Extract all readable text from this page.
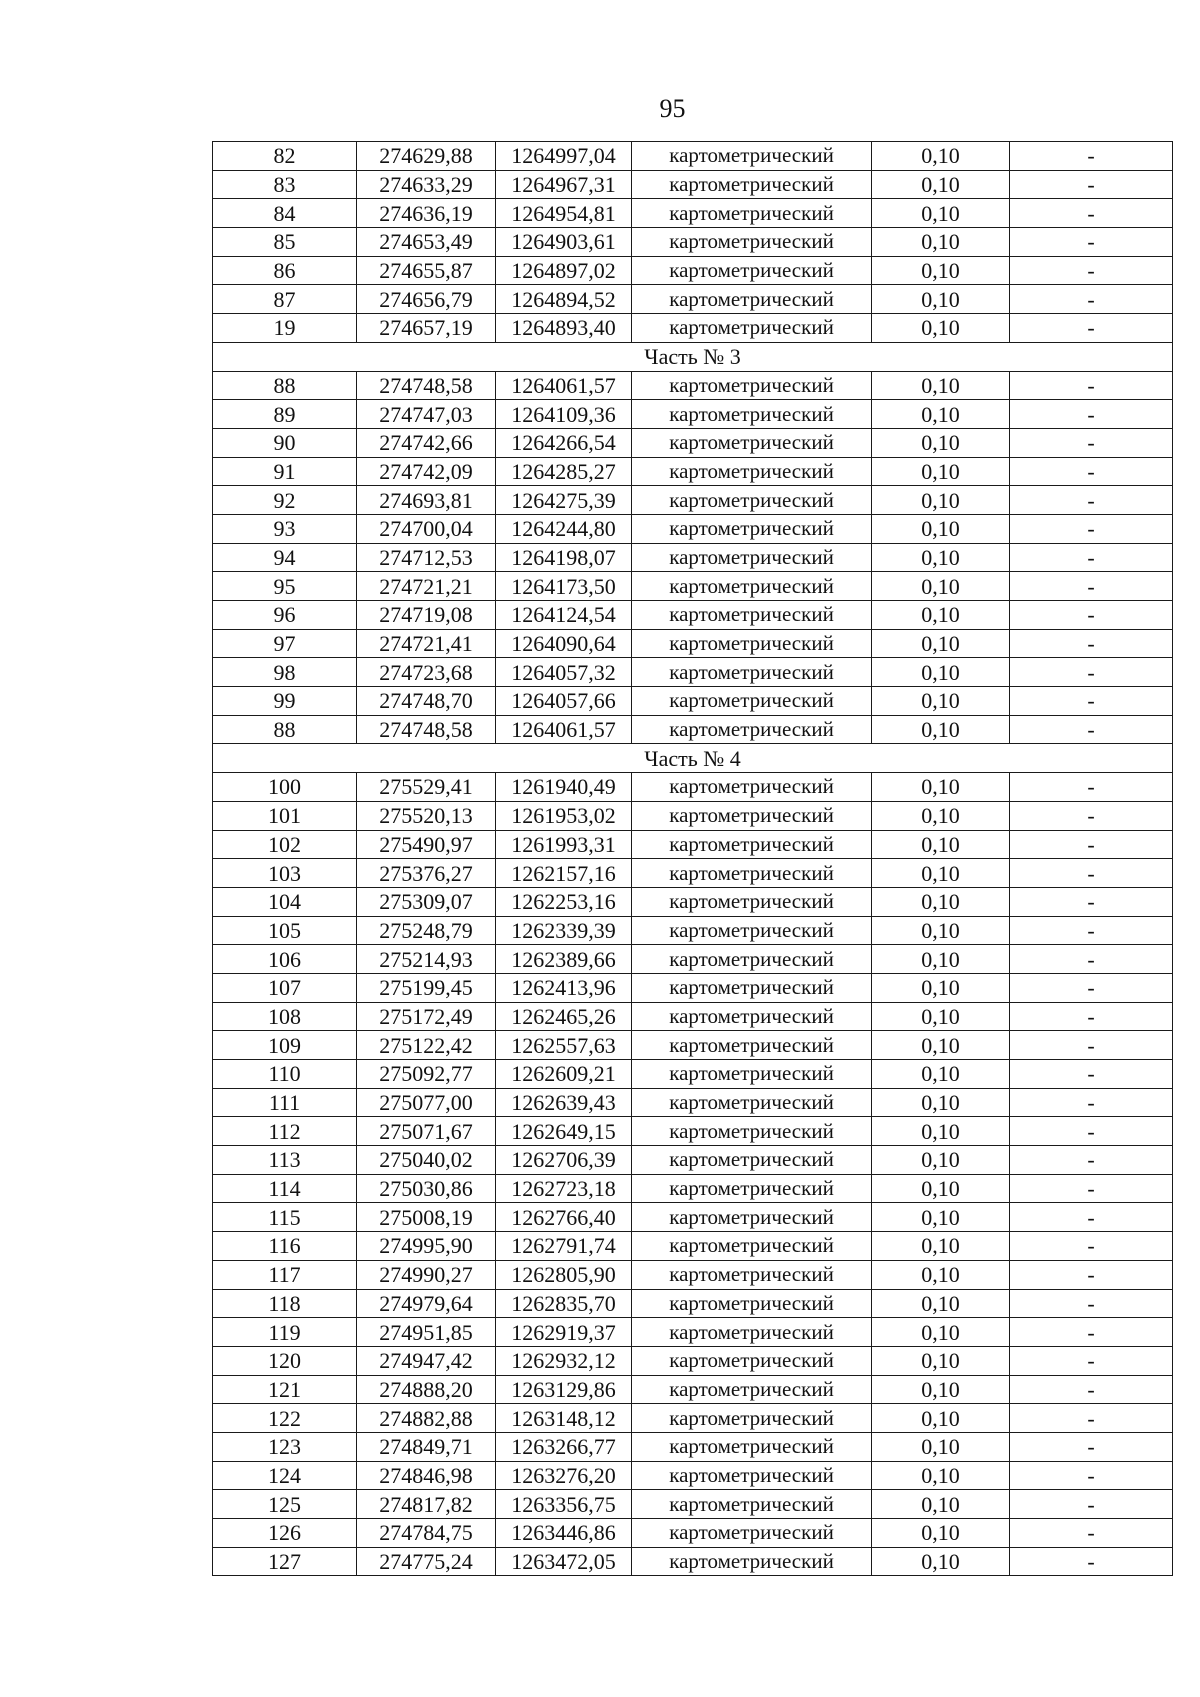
95
82	274629,88	1264997,04	картометрический	0,10	-
83	274633,29	1264967,31	картометрический	0,10	-
84	274636,19	1264954,81	картометрический	0,10	-
85	274653,49	1264903,61	картометрический	0,10	-
86	274655,87	1264897,02	картометрический	0,10	-
87	274656,79	1264894,52	картометрический	0,10	-
19	274657,19	1264893,40	картометрический	0,10	-
Часть № 3					
88	274748,58	1264061,57	картометрический	0,10	-
89	274747,03	1264109,36	картометрический	0,10	-
90	274742,66	1264266,54	картометрический	0,10	-
91	274742,09	1264285,27	картометрический	0,10	-
92	274693,81	1264275,39	картометрический	0,10	-
93	274700,04	1264244,80	картометрический	0,10	-
94	274712,53	1264198,07	картометрический	0,10	-
95	274721,21	1264173,50	картометрический	0,10	-
96	274719,08	1264124,54	картометрический	0,10	-
97	274721,41	1264090,64	картометрический	0,10	-
98	274723,68	1264057,32	картометрический	0,10	-
99	274748,70	1264057,66	картометрический	0,10	-
88	274748,58	1264061,57	картометрический	0,10	-
Часть № 4					
100	275529,41	1261940,49	картометрический	0,10	-
101	275520,13	1261953,02	картометрический	0,10	-
102	275490,97	1261993,31	картометрический	0,10	-
103	275376,27	1262157,16	картометрический	0,10	-
104	275309,07	1262253,16	картометрический	0,10	-
105	275248,79	1262339,39	картометрический	0,10	-
106	275214,93	1262389,66	картометрический	0,10	-
107	275199,45	1262413,96	картометрический	0,10	-
108	275172,49	1262465,26	картометрический	0,10	-
109	275122,42	1262557,63	картометрический	0,10	-
110	275092,77	1262609,21	картометрический	0,10	-
111	275077,00	1262639,43	картометрический	0,10	-
112	275071,67	1262649,15	картометрический	0,10	-
113	275040,02	1262706,39	картометрический	0,10	-
114	275030,86	1262723,18	картометрический	0,10	-
115	275008,19	1262766,40	картометрический	0,10	-
116	274995,90	1262791,74	картометрический	0,10	-
117	274990,27	1262805,90	картометрический	0,10	-
118	274979,64	1262835,70	картометрический	0,10	-
119	274951,85	1262919,37	картометрический	0,10	-
120	274947,42	1262932,12	картометрический	0,10	-
121	274888,20	1263129,86	картометрический	0,10	-
122	274882,88	1263148,12	картометрический	0,10	-
123	274849,71	1263266,77	картометрический	0,10	-
124	274846,98	1263276,20	картометрический	0,10	-
125	274817,82	1263356,75	картометрический	0,10	-
126	274784,75	1263446,86	картометрический	0,10	-
127	274775,24	1263472,05	картометрический	0,10	-
